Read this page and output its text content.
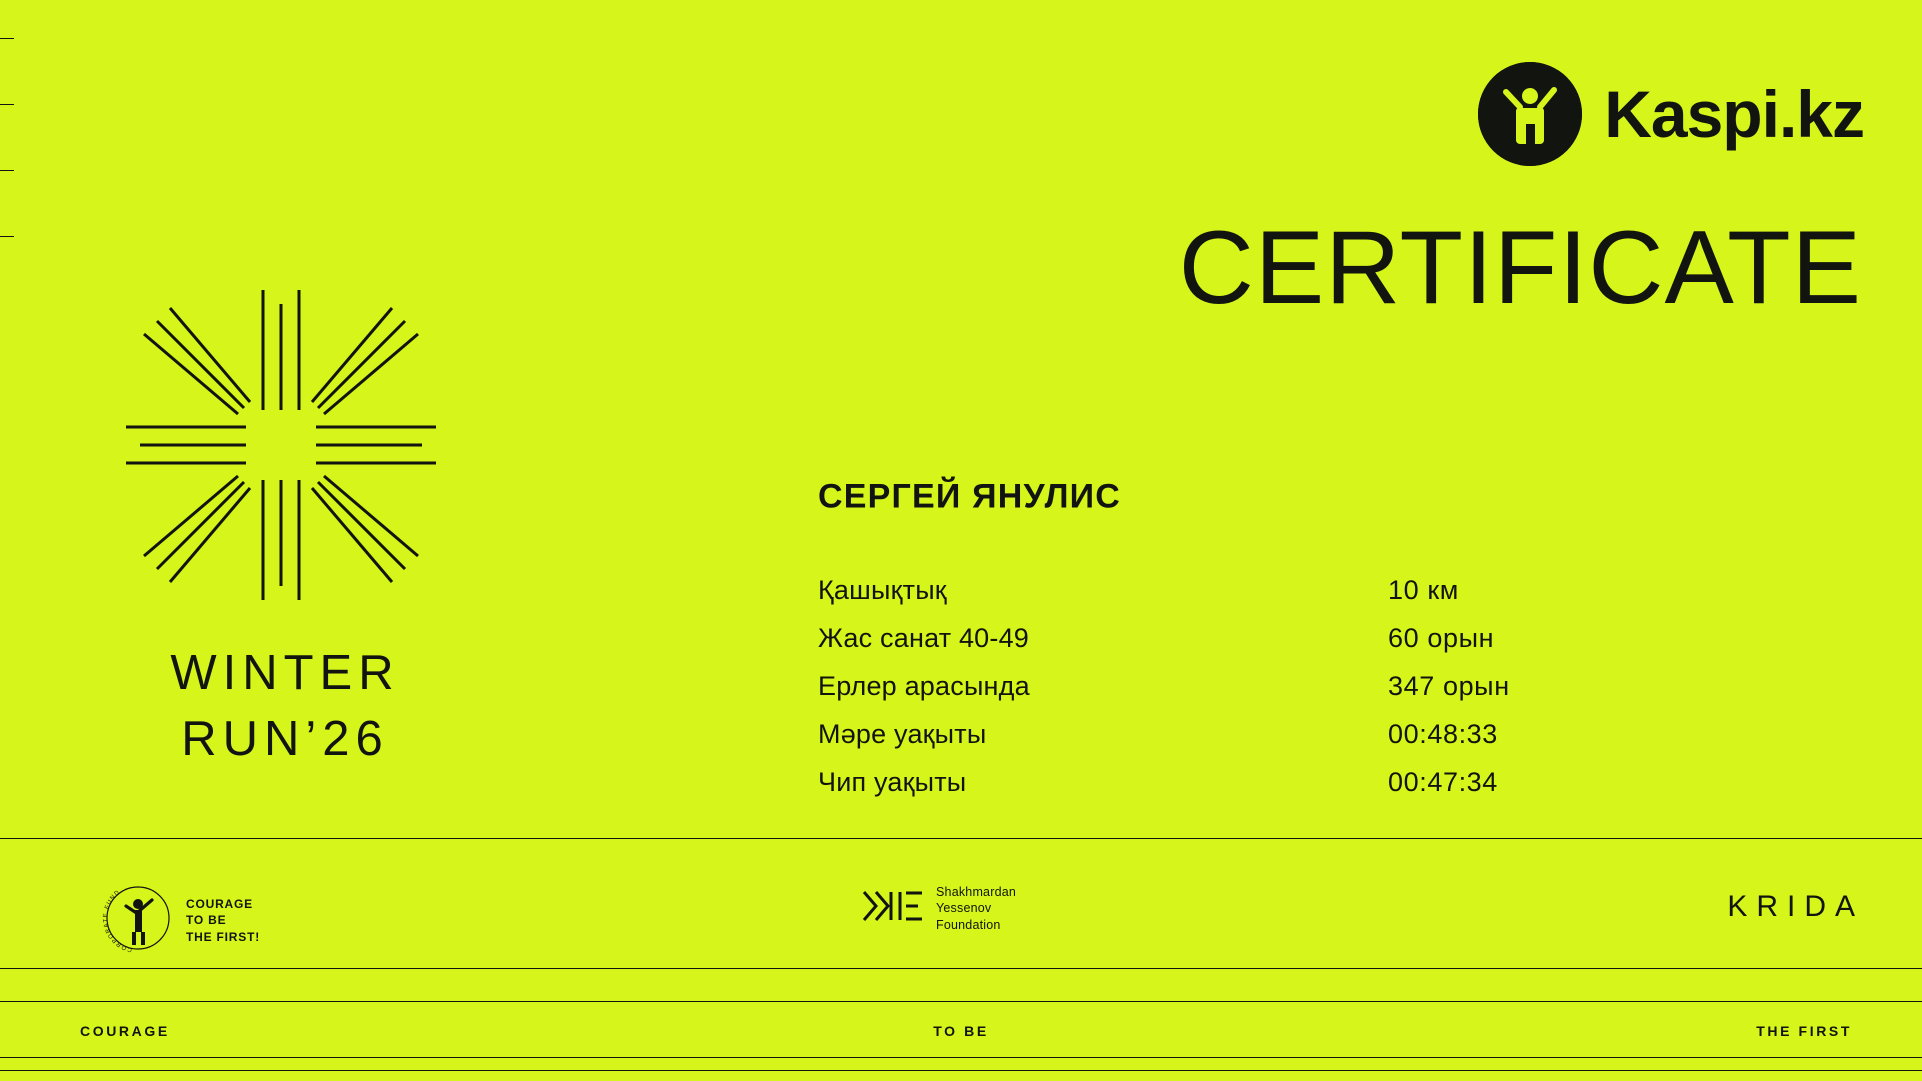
Kaspi.kz
CERTIFICATE
СЕРГЕЙ ЯНУЛИС
Қашықтық	10 км
Жас санат 40-49	60 орын
Ерлер арасында	347 орын
Мәре уақыты	00:48:33
Чип уақыты	00:47:34
WINTER
RUN’26
CORPORATE FUND
COURAGE
TO BE
THE FIRST!
Shakhmardan
Yessenov
Foundation
KRIDA
COURAGE	TO BE	THE FIRST
